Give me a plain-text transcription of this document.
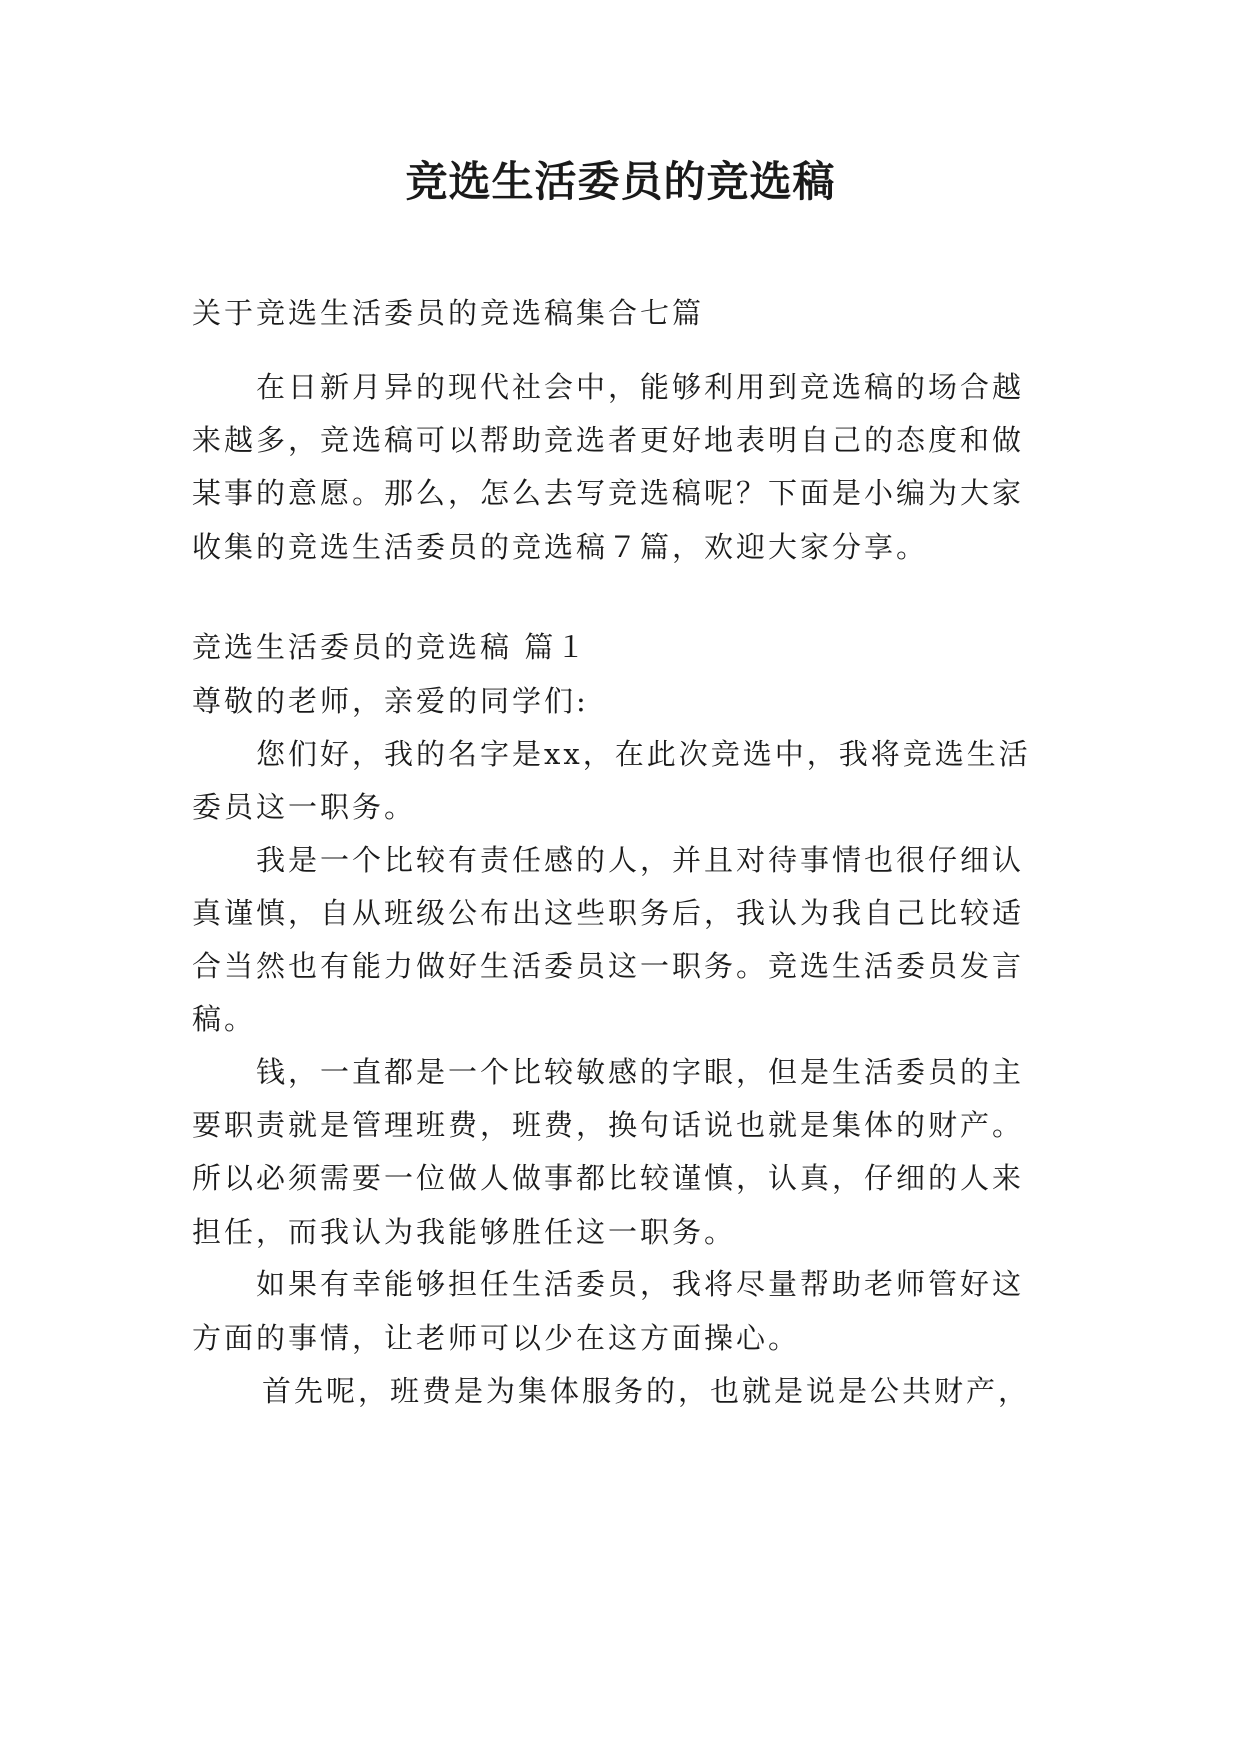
竞选生活委员的竞选稿
关于竞选生活委员的竞选稿集合七篇
在日新月异的现代社会中，能够利用到竞选稿的场合越
来越多，竞选稿可以帮助竞选者更好地表明自己的态度和做
某事的意愿。那么，怎么去写竞选稿呢？下面是小编为大家
收集的竞选生活委员的竞选稿７篇，欢迎大家分享。
竞选生活委员的竞选稿 篇１
尊敬的老师，亲爱的同学们:
您们好，我的名字是xx，在此次竞选中，我将竞选生活
委员这一职务。
我是一个比较有责任感的人，并且对待事情也很仔细认
真谨慎，自从班级公布出这些职务后，我认为我自己比较适
合当然也有能力做好生活委员这一职务。竞选生活委员发言
稿。
钱，一直都是一个比较敏感的字眼，但是生活委员的主
要职责就是管理班费，班费，换句话说也就是集体的财产。
所以必须需要一位做人做事都比较谨慎，认真，仔细的人来
担任，而我认为我能够胜任这一职务。
如果有幸能够担任生活委员，我将尽量帮助老师管好这
方面的事情，让老师可以少在这方面操心。
首先呢，班费是为集体服务的，也就是说是公共财产，
